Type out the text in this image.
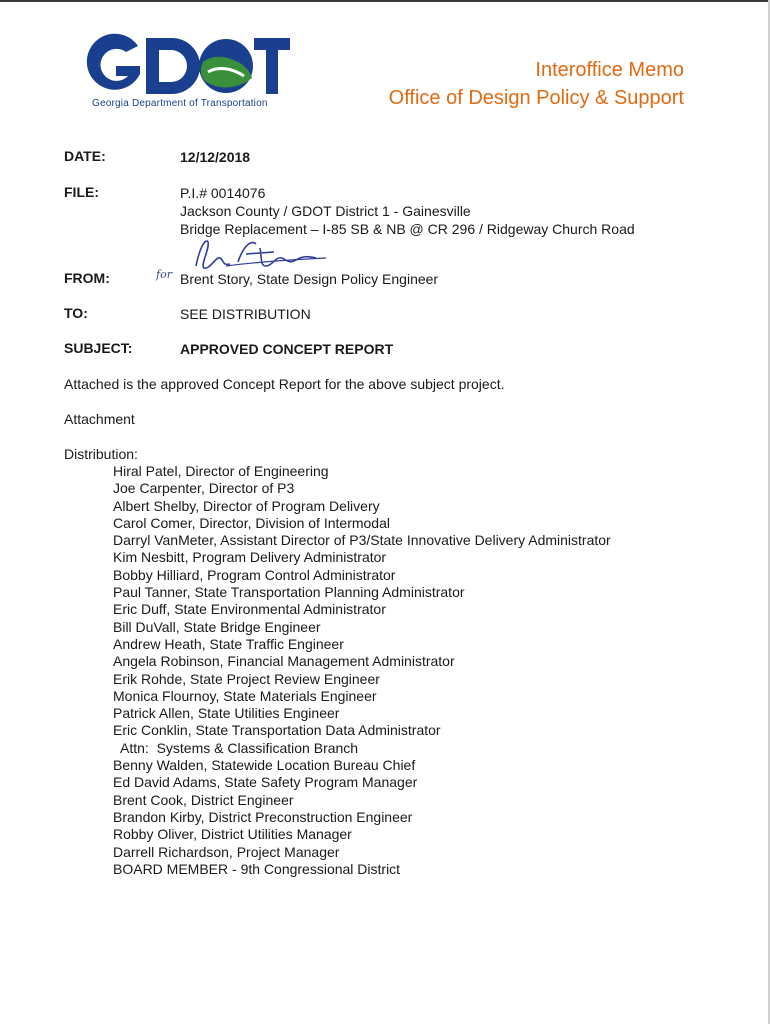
Georgia Department of Transportation
Interoffice Memo
Office of Design Policy & Support
DATE:	12/12/2018
FILE:	P.I.# 0014076
Jackson County / GDOT District 1 - Gainesville
Bridge Replacement – I-85 SB & NB @ CR 296 / Ridgeway Church Road
for
FROM:	Brent Story, State Design Policy Engineer
TO:	SEE DISTRIBUTION
SUBJECT:	APPROVED CONCEPT REPORT
Attached is the approved Concept Report for the above subject project.
Attachment
Distribution:
Hiral Patel, Director of Engineering
Joe Carpenter, Director of P3
Albert Shelby, Director of Program Delivery
Carol Comer, Director, Division of Intermodal
Darryl VanMeter, Assistant Director of P3/State Innovative Delivery Administrator
Kim Nesbitt, Program Delivery Administrator
Bobby Hilliard, Program Control Administrator
Paul Tanner, State Transportation Planning Administrator
Eric Duff, State Environmental Administrator
Bill DuVall, State Bridge Engineer
Andrew Heath, State Traffic Engineer
Angela Robinson, Financial Management Administrator
Erik Rohde, State Project Review Engineer
Monica Flournoy, State Materials Engineer
Patrick Allen, State Utilities Engineer
Eric Conklin, State Transportation Data Administrator
Attn:  Systems & Classification Branch
Benny Walden, Statewide Location Bureau Chief
Ed David Adams, State Safety Program Manager
Brent Cook, District Engineer
Brandon Kirby, District Preconstruction Engineer
Robby Oliver, District Utilities Manager
Darrell Richardson, Project Manager
BOARD MEMBER - 9th Congressional District
